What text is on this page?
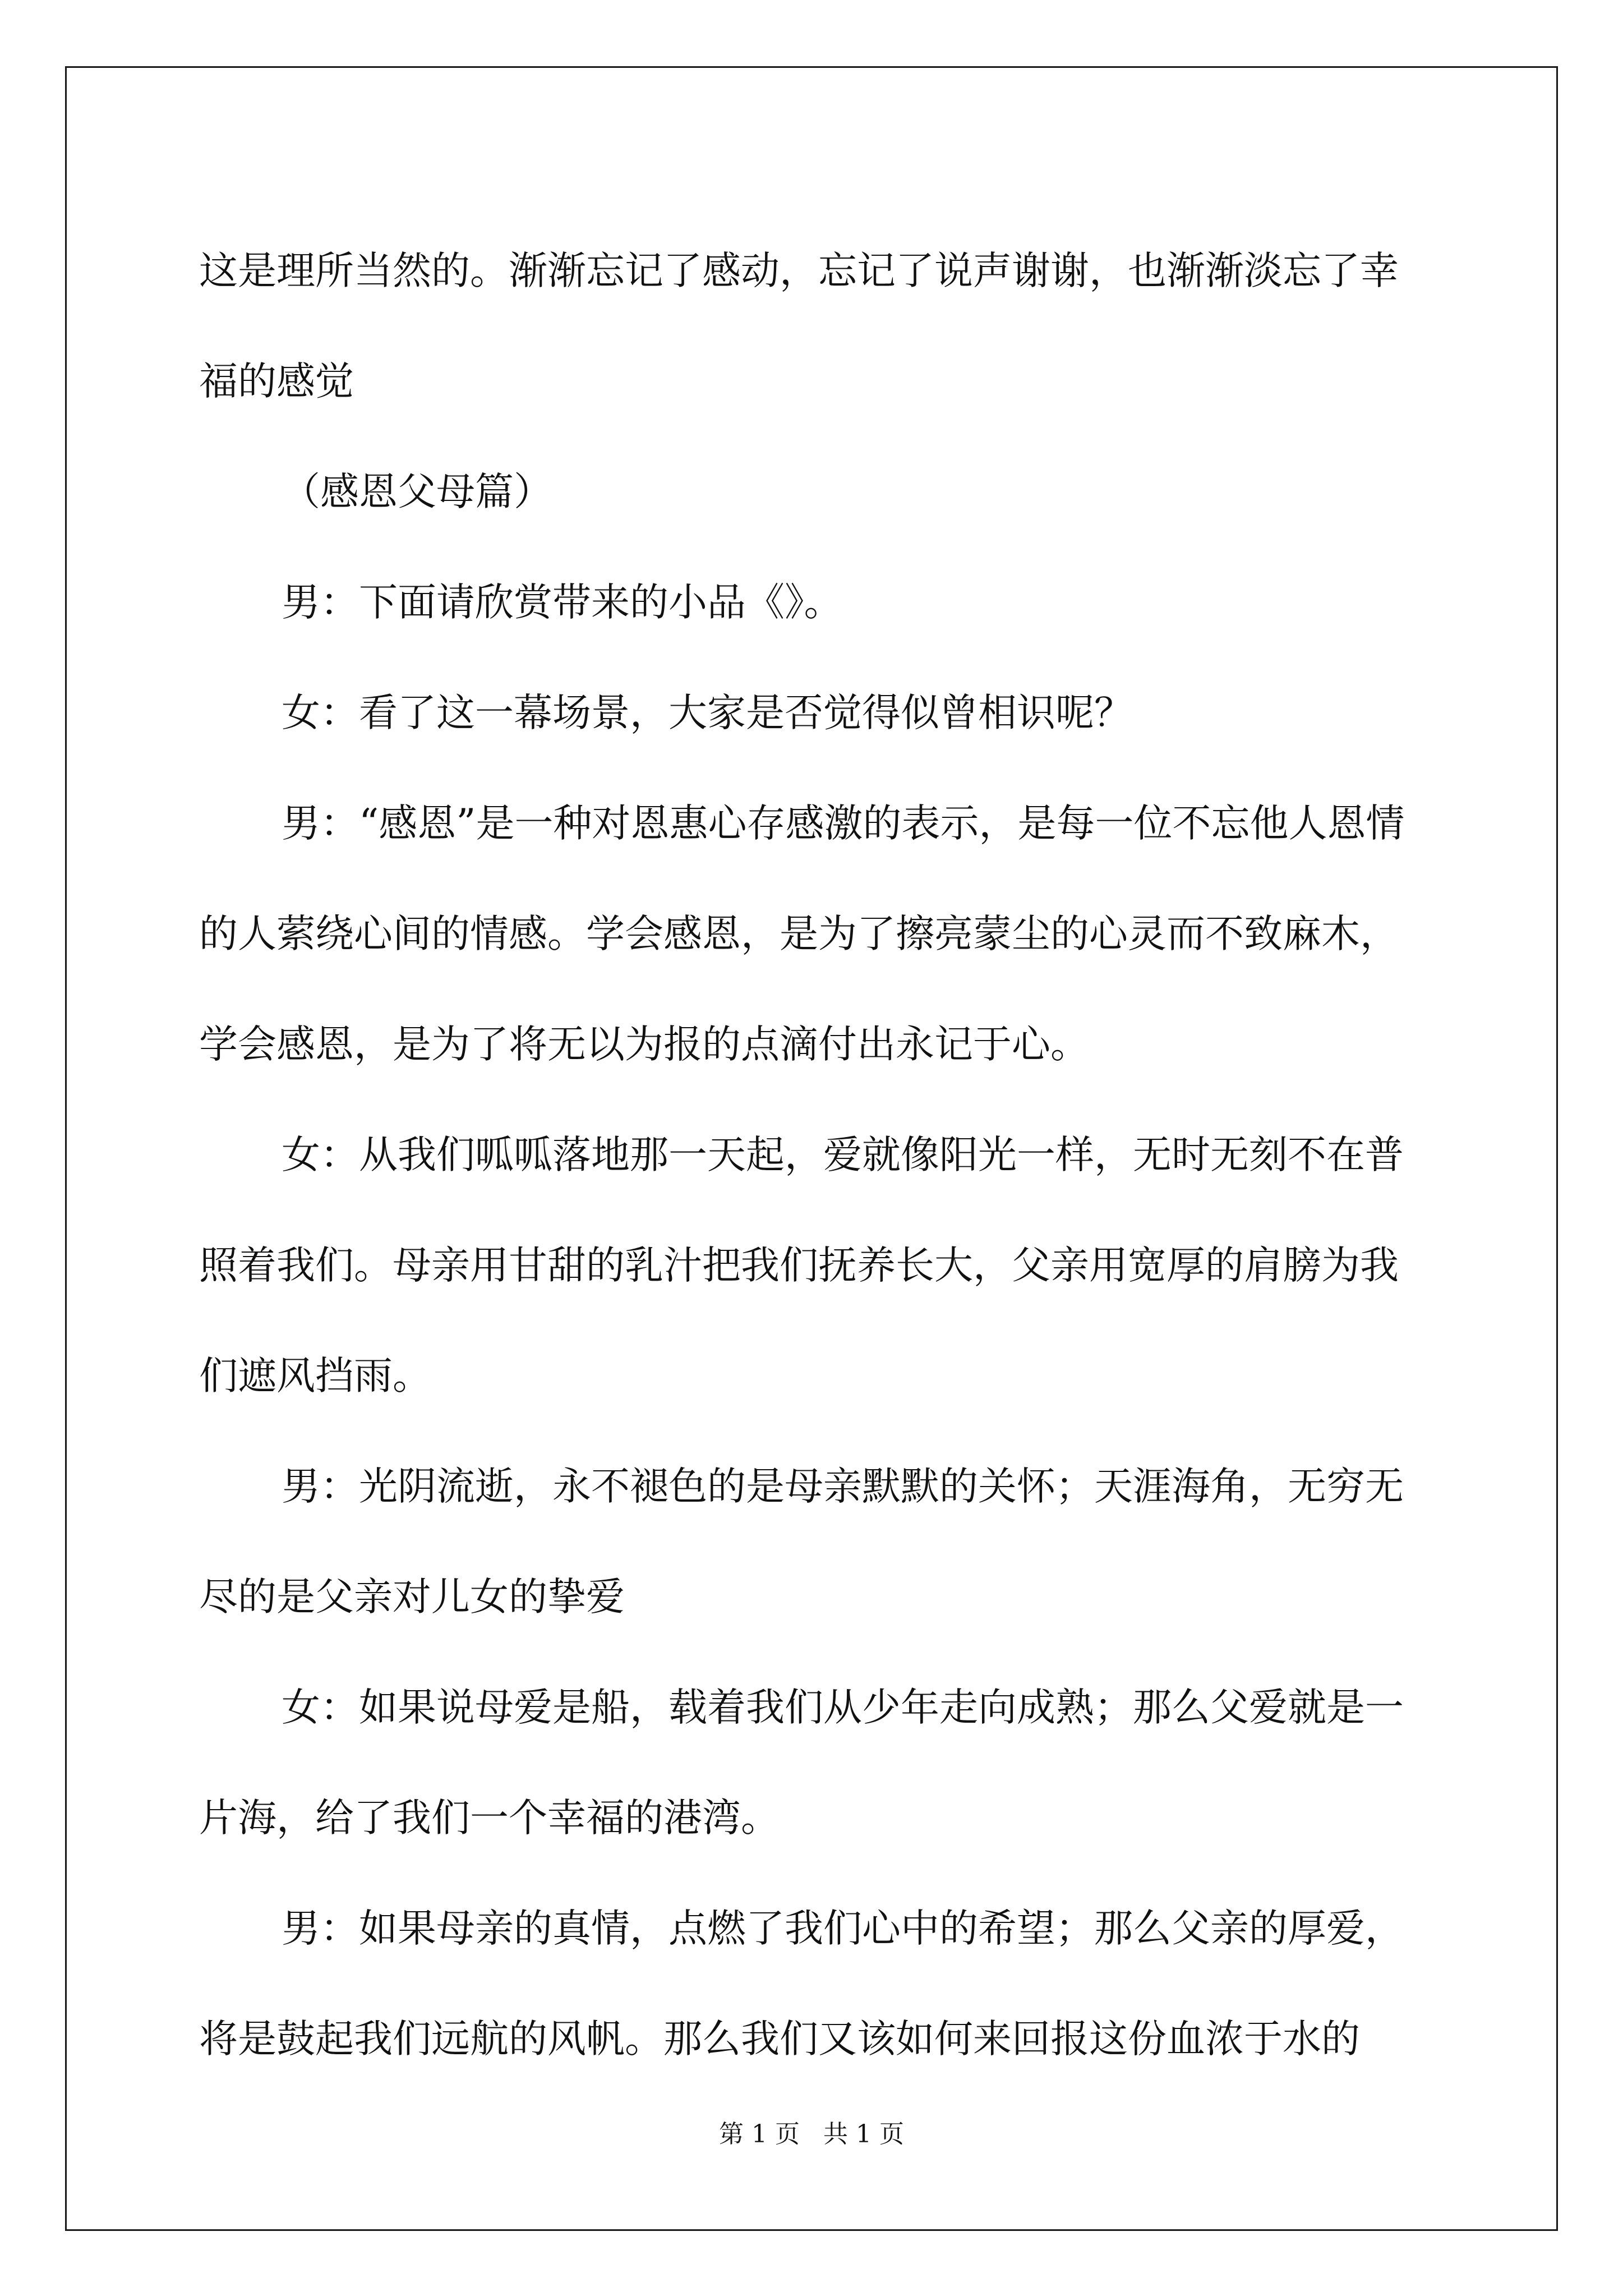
这是理所当然的。渐渐忘记了感动，忘记了说声谢谢，也渐渐淡忘了幸福的感觉

（感恩父母篇）

男：下面请欣赏带来的小品《》。

女：看了这一幕场景，大家是否觉得似曾相识呢？

男：“感恩”是一种对恩惠心存感激的表示，是每一位不忘他人恩情的人萦绕心间的情感。学会感恩，是为了擦亮蒙尘的心灵而不致麻木，学会感恩，是为了将无以为报的点滴付出永记于心。

女：从我们呱呱落地那一天起，爱就像阳光一样，无时无刻不在普照着我们。母亲用甘甜的乳汁把我们抚养长大，父亲用宽厚的肩膀为我们遮风挡雨。

男：光阴流逝，永不褪色的是母亲默默的关怀；天涯海角，无穷无尽的是父亲对儿女的挚爱

女：如果说母爱是船，载着我们从少年走向成熟；那么父爱就是一片海，给了我们一个幸福的港湾。

男：如果母亲的真情，点燃了我们心中的希望；那么父亲的厚爱，将是鼓起我们远航的风帆。那么我们又该如何来回报这份血浓于水的

第 1 页   共 1 页
